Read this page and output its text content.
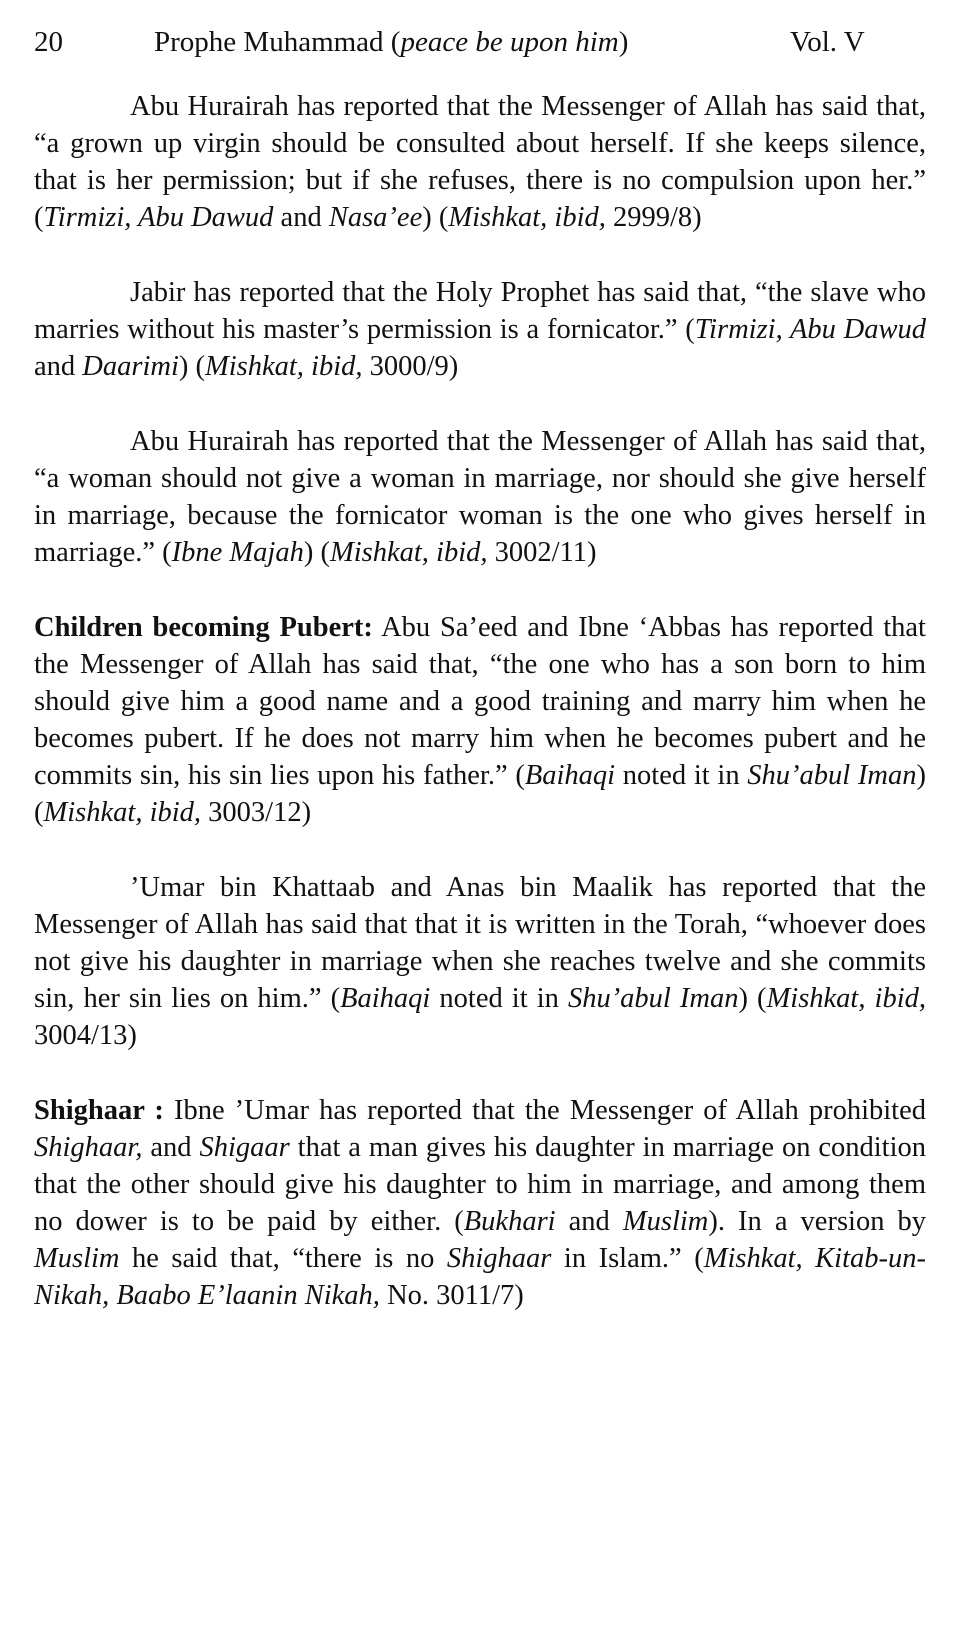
20	Prophe Muhammad (peace be upon him)	Vol. V

Abu Hurairah has reported that the Messenger of Allah has said that, “a grown up virgin should be consulted about herself. If she keeps silence, that is her permission; but if she refuses, there is no compulsion upon her.” (Tirmizi, Abu Dawud and Nasa’ee) (Mishkat, ibid, 2999/8)

Jabir has reported that the Holy Prophet has said that, “the slave who marries without his master’s permission is a fornicator.” (Tirmizi, Abu Dawud and Daarimi) (Mishkat, ibid, 3000/9)

Abu Hurairah has reported that the Messenger of Allah has said that, “a woman should not give a woman in marriage, nor should she give herself in marriage, because the fornicator woman is the one who gives herself in marriage.” (Ibne Majah) (Mishkat, ibid, 3002/11)

Children becoming Pubert: Abu Sa’eed and Ibne ‘Abbas has reported that the Messenger of Allah has said that, “the one who has a son born to him should give him a good name and a good training and marry him when he becomes pubert. If he does not marry him when he becomes pubert and he commits sin, his sin lies upon his father.” (Baihaqi noted it in Shu’abul Iman) (Mishkat, ibid, 3003/12)

’Umar bin Khattaab and Anas bin Maalik has reported that the Messenger of Allah has said that that it is written in the Torah, “whoever does not give his daughter in marriage when she reaches twelve and she commits sin, her sin lies on him.” (Baihaqi noted it in Shu’abul Iman) (Mishkat, ibid, 3004/13)

Shighaar : Ibne ’Umar has reported that the Messenger of Allah prohibited Shighaar, and Shigaar that a man gives his daughter in marriage on condition that the other should give his daughter to him in marriage, and among them no dower is to be paid by either. (Bukhari and Muslim). In a version by Muslim he said that, “there is no Shighaar in Islam.” (Mishkat, Kitab-un-Nikah, Baabo E’laanin Nikah, No. 3011/7)
